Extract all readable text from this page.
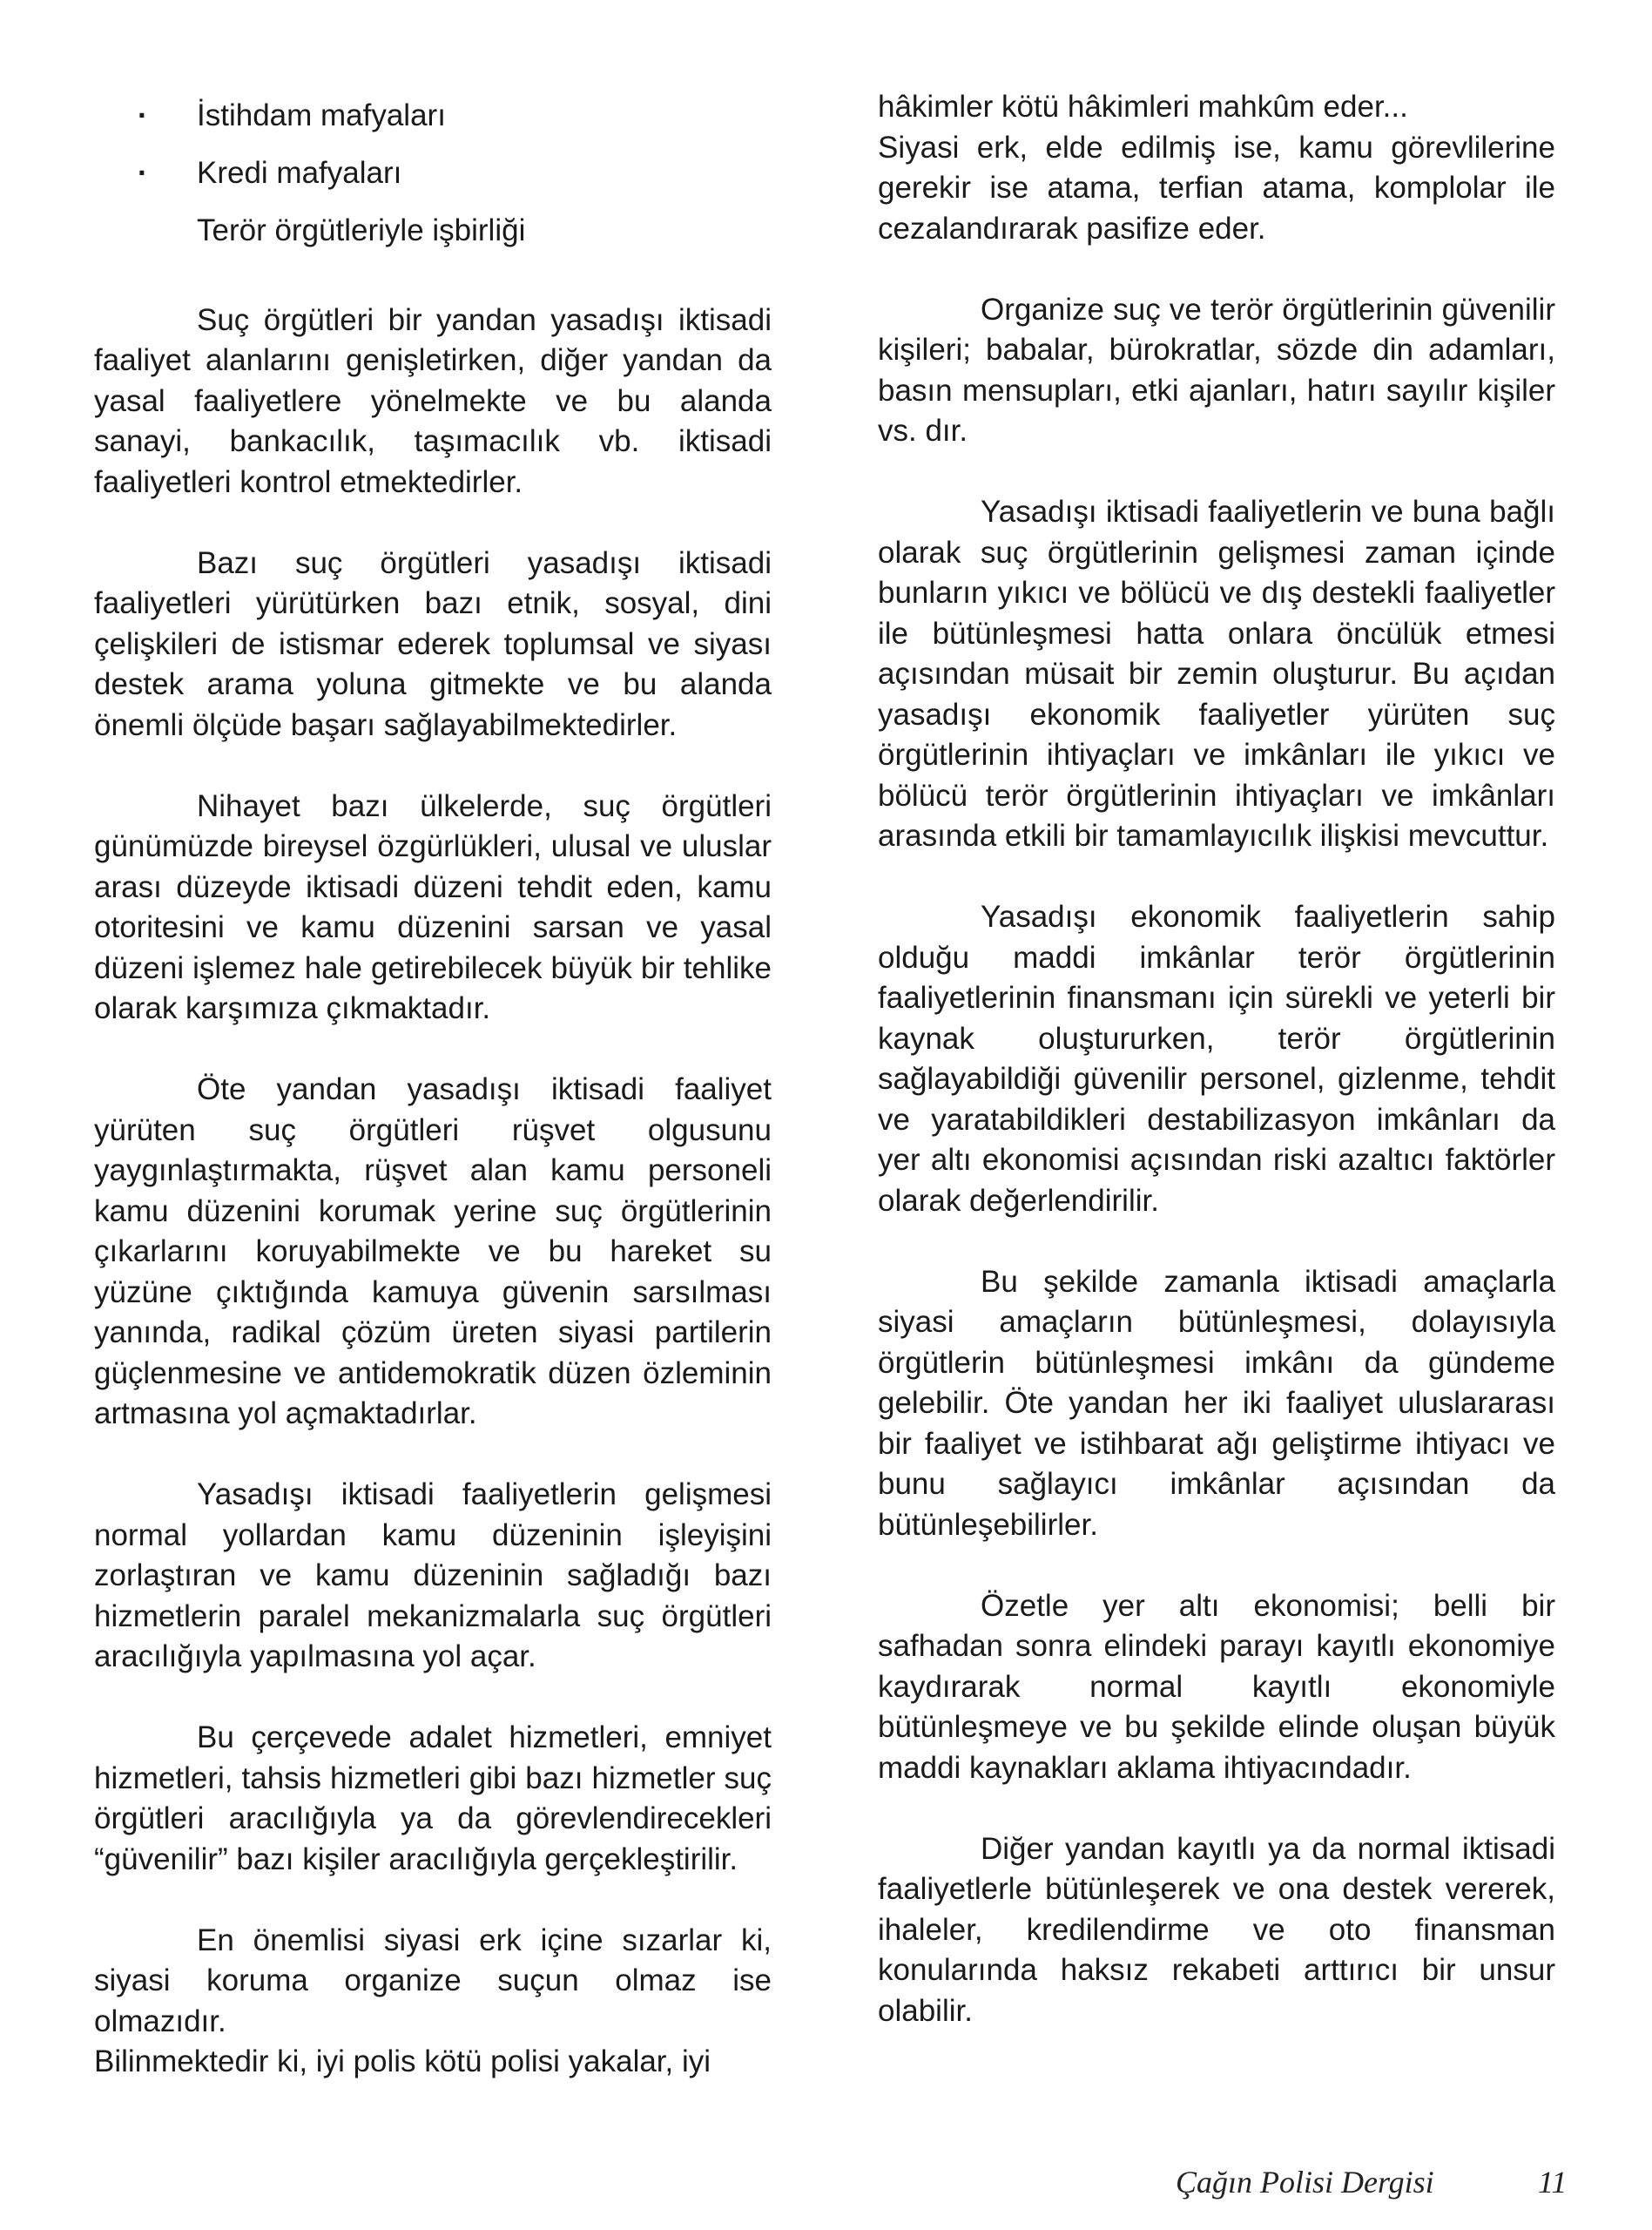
· İstihdam mafyaları
· Kredi mafyaları
Terör örgütleriyle işbirliği

Suç örgütleri bir yandan yasadışı iktisadi faaliyet alanlarını genişletirken, diğer yandan da yasal faaliyetlere yönelmekte ve bu alanda sanayi, bankacılık, taşımacılık vb. iktisadi faaliyetleri kontrol etmektedirler.

Bazı suç örgütleri yasadışı iktisadi faaliyetleri yürütürken bazı etnik, sosyal, dini çelişkileri de istismar ederek toplumsal ve siyası destek arama yoluna gitmekte ve bu alanda önemli ölçüde başarı sağlayabilmektedirler.

Nihayet bazı ülkelerde, suç örgütleri günümüzde bireysel özgürlükleri, ulusal ve uluslar arası düzeyde iktisadi düzeni tehdit eden, kamu otoritesini ve kamu düzenini sarsan ve yasal düzeni işlemez hale getirebilecek büyük bir tehlike olarak karşımıza çıkmaktadır.

Öte yandan yasadışı iktisadi faaliyet yürüten suç örgütleri rüşvet olgusunu yaygınlaştırmakta, rüşvet alan kamu personeli kamu düzenini korumak yerine suç örgütlerinin çıkarlarını koruyabilmekte ve bu hareket su yüzüne çıktığında kamuya güvenin sarsılması yanında, radikal çözüm üreten siyasi partilerin güçlenmesine ve antidemokratik düzen özleminin artmasına yol açmaktadırlar.

Yasadışı iktisadi faaliyetlerin gelişmesi normal yollardan kamu düzeninin işleyişini zorlaştıran ve kamu düzeninin sağladığı bazı hizmetlerin paralel mekanizmalarla suç örgütleri aracılığıyla yapılmasına yol açar.

Bu çerçevede adalet hizmetleri, emniyet hizmetleri, tahsis hizmetleri gibi bazı hizmetler suç örgütleri aracılığıyla ya da görevlendirecekleri “güvenilir” bazı kişiler aracılığıyla gerçekleştirilir.

En önemlisi siyasi erk içine sızarlar ki, siyasi koruma organize suçun olmaz ise olmazıdır.

Bilinmektedir ki, iyi polis kötü polisi yakalar, iyi

hâkimler kötü hâkimleri mahkûm eder...

Siyasi erk, elde edilmiş ise, kamu görevlilerine gerekir ise atama, terfian atama, komplolar ile cezalandırarak pasifize eder.

Organize suç ve terör örgütlerinin güvenilir kişileri; babalar, bürokratlar, sözde din adamları, basın mensupları, etki ajanları, hatırı sayılır kişiler vs. dır.

Yasadışı iktisadi faaliyetlerin ve buna bağlı olarak suç örgütlerinin gelişmesi zaman içinde bunların yıkıcı ve bölücü ve dış destekli faaliyetler ile bütünleşmesi hatta onlara öncülük etmesi açısından müsait bir zemin oluşturur. Bu açıdan yasadışı ekonomik faaliyetler yürüten suç örgütlerinin ihtiyaçları ve imkânları ile yıkıcı ve bölücü terör örgütlerinin ihtiyaçları ve imkânları arasında etkili bir tamamlayıcılık ilişkisi mevcuttur.

Yasadışı ekonomik faaliyetlerin sahip olduğu maddi imkânlar terör örgütlerinin faaliyetlerinin finansmanı için sürekli ve yeterli bir kaynak oluştururken, terör örgütlerinin sağlayabildiği güvenilir personel, gizlenme, tehdit ve yaratabildikleri destabilizasyon imkânları da yer altı ekonomisi açısından riski azaltıcı faktörler olarak değerlendirilir.

Bu şekilde zamanla iktisadi amaçlarla siyasi amaçların bütünleşmesi, dolayısıyla örgütlerin bütünleşmesi imkânı da gündeme gelebilir. Öte yandan her iki faaliyet uluslararası bir faaliyet ve istihbarat ağı geliştirme ihtiyacı ve bunu sağlayıcı imkânlar açısından da bütünleşebilirler.

Özetle yer altı ekonomisi; belli bir safhadan sonra elindeki parayı kayıtlı ekonomiye kaydırarak normal kayıtlı ekonomiyle bütünleşmeye ve bu şekilde elinde oluşan büyük maddi kaynakları aklama ihtiyacındadır.

Diğer yandan kayıtlı ya da normal iktisadi faaliyetlerle bütünleşerek ve ona destek vererek, ihaleler, kredilendirme ve oto finansman konularında haksız rekabeti arttırıcı bir unsur olabilir.

Çağın Polisi Dergisi	11
